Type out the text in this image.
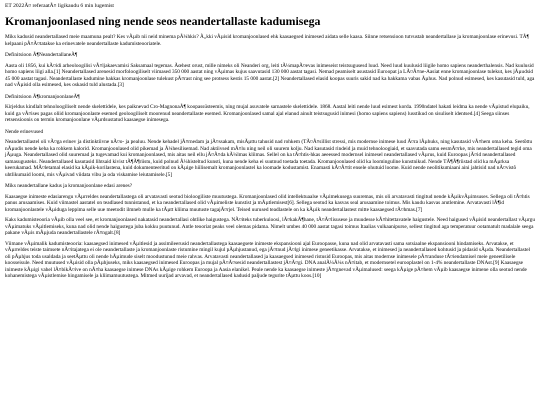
ET 2022Ã¤ referaatÃ¤ ligikaudu 6 min lugemist
Kromanjoonlased ning nende seos neandertallaste kadumisega

Miks kadusid neandertallased meie maamuna pealt? Kes vÃµib nii neid minema pÃ¼hkis? Ã„kki vÃµisid kromanjoonlased ehk kaasaegsed inimesed aidata selle kaasa. Siinne retsensioon tutvustab neandertallase ja kromanjoonlase erinevusi. TÃ¶ kelpaani pÃ¤Ã¤tatakse ka erinevatele neandertallaste kadumisteooriatele.

Definitsioon Ã¶NeandertallaneÃ¶

Aasta oli 1856, kui kÃ¤idi arheoloogilisi vÃ¤ljakaevamisi Saksamaal tegemas. Ãœhest orust, mille nimeks oli Neanderi org, leiti tÃ¼mapÃ¤evas inimeseist teistsugusesd luud. Need luud kuulusid liigile homo sapiens neanderthalensis. Nad kuulusid homo sapiens liigi alla.[1] Neandertallased arenesid morfoloogiliselt viimased 350 000 aastat ning vÃµimas kujus saavutasid 130 000 aastat tagasi. Nemad peamiselt asustasid Euroopat ja LÃ¤Ã¤ne-Aasiat enne kromanjoonlase tulekut, kes jÃµudsid 45 000 aastat tagasi. Neandertallaste kadumine hakkas kromanjoonlase tulekust pÃ¤rast ning see protsess kestis 15 000 aastat.[2] Neandertallased elasid koopas suuris sakid nad ka hakkama vabas Ãµhus. Nad polnud esimesed, kes kasutasid tuld, aga nad vÃµisid olla esimesed, kes oskasid tuld alustada.[3]

Definitsioon Ã¶kromanjoonlaneÃ¶

Kirjeldus kindlalt tehnoloogiliselt nende skelettidele, kes paiknevad Cro-MagnonaÃ¶ koopassüsteemis, ning mujal asuvatele sarnastele skelettidele. 1868. Aastal leiti nende luud esimest korda. 1990ndatel hakati leidma ka nende vÃµistud elupaiku, kuid ga vÃ¤ises pagas oliid kromanjoonlaste esemed geoloogiliselt moorenud neandertallaste esemed. Kromanjoonlased samal ajal elanud ainult teistsugusid inimesi (homo sapiens sapiens) lusstikud on sisuliselt identsed.[4] Seega siinses retsensioonis on termin kromanjoonlane vÃµrdsustatud kaasaegse inimesega.

Nende erinevused

Neandertallastel oli vÃ¤ga erinev ja distinktiivne nÃ¤o- ja pealuu. Nende kehadel jÃ¤rnedam ja jÃ¤ssakam, misÃµttu tahusid nad rohkem (TÃ¤Ã¤sillist stressi, mis modernse inimese luud Ã¤ra lÃµhuks, ning kasutasid vÃ¤hem oma keha. Seetõttu nÃµudis nende keha ka rohkem kalorid. Kromanjoonlased olid pikemad ja Ã¼hesilisemad. Nad aktiivsed mÃ¤lu ning neil oli suurem kolju. Nad kasutasid rindeid ja muid tehnoloogiaid, et saavutada samu eesmÃ¤rke, mis neandertallased tegid oma jÃµuga. Neandertallased olid suuremad ja tugevamad kui kromanjoonlased, mis aitas neil ellu jÃ¤Ã¤da kÃ¼lmas kliimas. Sellel on ka tÃ¤htis-hkas aeeessed modernsel inimesel neandertallased vÃµrus, kuid Euroopas jÃ¤id neandertallased samasugusteks. Neandertallased kasutasid lihtsaid kivist tÃ¶Ã¶riistu, kuid polnud Ã¼histeltud kunsti, kuna nende keha ei suutnud toetada toetada. Kromanjoonlased olid ka loominguline kunstnikud. Nende TÃ¶Ã¶riistad olid ka mÃµrksa keerukamad. MÃ¤letamal elasid ka kÃµik-korilastena, kuid dokumenteeritud on kÃµige hiilisemalt kromanjoonlastel ka loomade kodustamist. Enamasti kÃ¤Ã¤tit ensele ohutuid loome. Kuid nende neolitikumiaani aini jahtisid nad nÃ¤vistõ uhtlikumaid loomi, mis vÃµivad viidata vibu ja oda viskamise leiutamisele.[5]

Miks neandertallane kadus ja kromanjoonlane edasi arenes?

Kaasaegse inimeste edasiarengu vÃµrreldes neandertallastega oli arvatavasti seotud bioloogiliste muutustega. Kromanjoonlased olid intellektuaalse vÃµimekusega suuremas, mis oli arvatavasti tingitud nende kÃµikvÃµimsuses. Sellega oli tÃ¤htis panus arusaamises. Kuid viimastel aastatel on teadlased tunnistanud, et ka neandertallased olid vÃµimeliste kunstist ja mÃµtlemisest[6]. Sellega seotud ka kasvas seal arusaamine toimus. Mis kaudu kasvas arutlemine. Arvatavasti lÃ¶id kromanjoonlastele vÃµiduga leppima selle uue meetodit ilmneb mulle ka tÃµtt kliima muutuste tagajÃ¤rjel. Teised uurused teadlastele on ka kÃµik neandertallastest mitte kaasaegsed rÃ¤hmas.[7]

Kaks kadumisteooria vÃµib olla veel see, et kromanjoonlased nakatasid neandertallasi ohtlike haigustega. NÃ¤iteks tuberkuloosi, lÃ¤kakÃ¶hane, tÃ¤Ã¤lisusese ja muudesse kÃ¤hitettavatele haigustele. Need haigused vÃµisid neandertallast vÃµrgu vÃµimatuks vÃµitlemiseks, kuna nad olid nende haigustega juba kokku puutunud. Antle teooriat peaks veel olemas pidama. Nimelt umbes 40 000 aastat tagasi toimus Itaalias vulkaanipurse, sellest tingitud aga temperatuur ootamatult madalale seega pakane vÃµis mÃµjuda neandertallastele rÃ¤ngalt.[8]

Viimane vÃµimalik kadumisteooria: kaasaegsed inimesed vÃµitlesid ja assimileerusid neandertallastega kaasaegsete inimeste ekspansiooni ajal Euroopasse, kuna nad olid arvatavasti sama sotsiaalne ekspansiooni hindamiseks. Arvatakse, et vÃµrreldes teiste taimsete nÃ¤itajatega ei ole neandertallaste ja kromanjoonlaste ristumine mingil kujul pÃµhjustanud, ega jÃ¤tnud jÃ¤lgi inimese geneetikasse. Arvatakse, et inimesed ja neandertallased kohtusid ja pidasid sÃµda. Neandertallastel oli pÃµhjus toda usaldada ja seetÃµttu oli nende hÃµimude siselt moodustunud meie rahvas. Arvatavasti neandertallased ja kaasaegsed inimesed ristusid Euroopas, mis aitas modernse inimesele pÃ¤randuse tÃ¤iendamisel meie geneetilisele koosseisule. Need muutused vÃµisid olla pÃµhjuseks, miks kaasaegsed inimesed Euroopas ja mujal pÃ¤Ã¤sesid neandertallastest jÃ¤Ã¤gi. DNA analÃ¼Ã¼s nÃ¤itab, et modernsetel eurooplastel on 1-4% neandertallaste DNAst.[9] Kaasaegse inimeste kÃµigi vahel lÃ¤bikÃ¤ive on nÃ¤ha kaasaegse inimese DNAs kÃµige rohkem Euroopa ja Aasia elanikel. Peale nende ka kaasaegse inimeste jÃ¤rgnevad vÃµimalused: seega kÃµige pÃ¤hem vÃµib kaasaegse inimene olla seotud nende kohanemistega vÃµistlemise hingamisele ja kliimamuutustega. Mitmed uurijad arvavad, et neandertallased kadusid paljude tegurite tÃµttu koos.[10]
